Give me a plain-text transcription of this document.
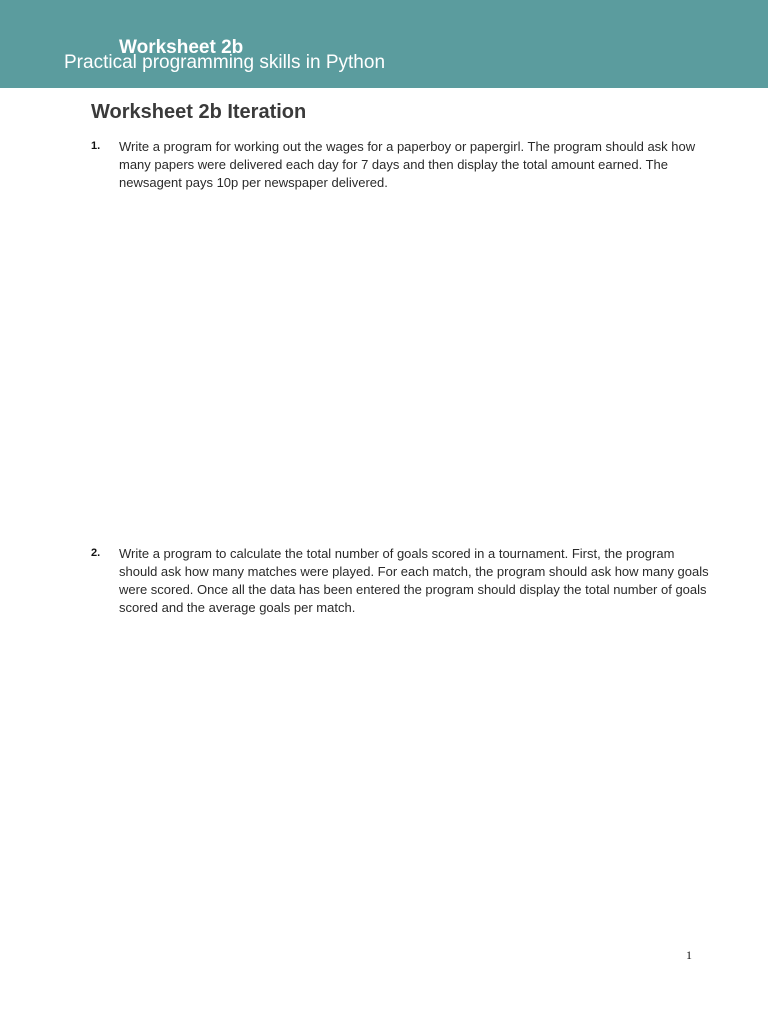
Worksheet 2b
Practical programming skills in Python
Worksheet 2b Iteration
1. Write a program for working out the wages for a paperboy or papergirl. The program should ask how many papers were delivered each day for 7 days and then display the total amount earned. The newsagent pays 10p per newspaper delivered.
2. Write a program to calculate the total number of goals scored in a tournament. First, the program should ask how many matches were played. For each match, the program should ask how many goals were scored. Once all the data has been entered the program should display the total number of goals scored and the average goals per match.
1
